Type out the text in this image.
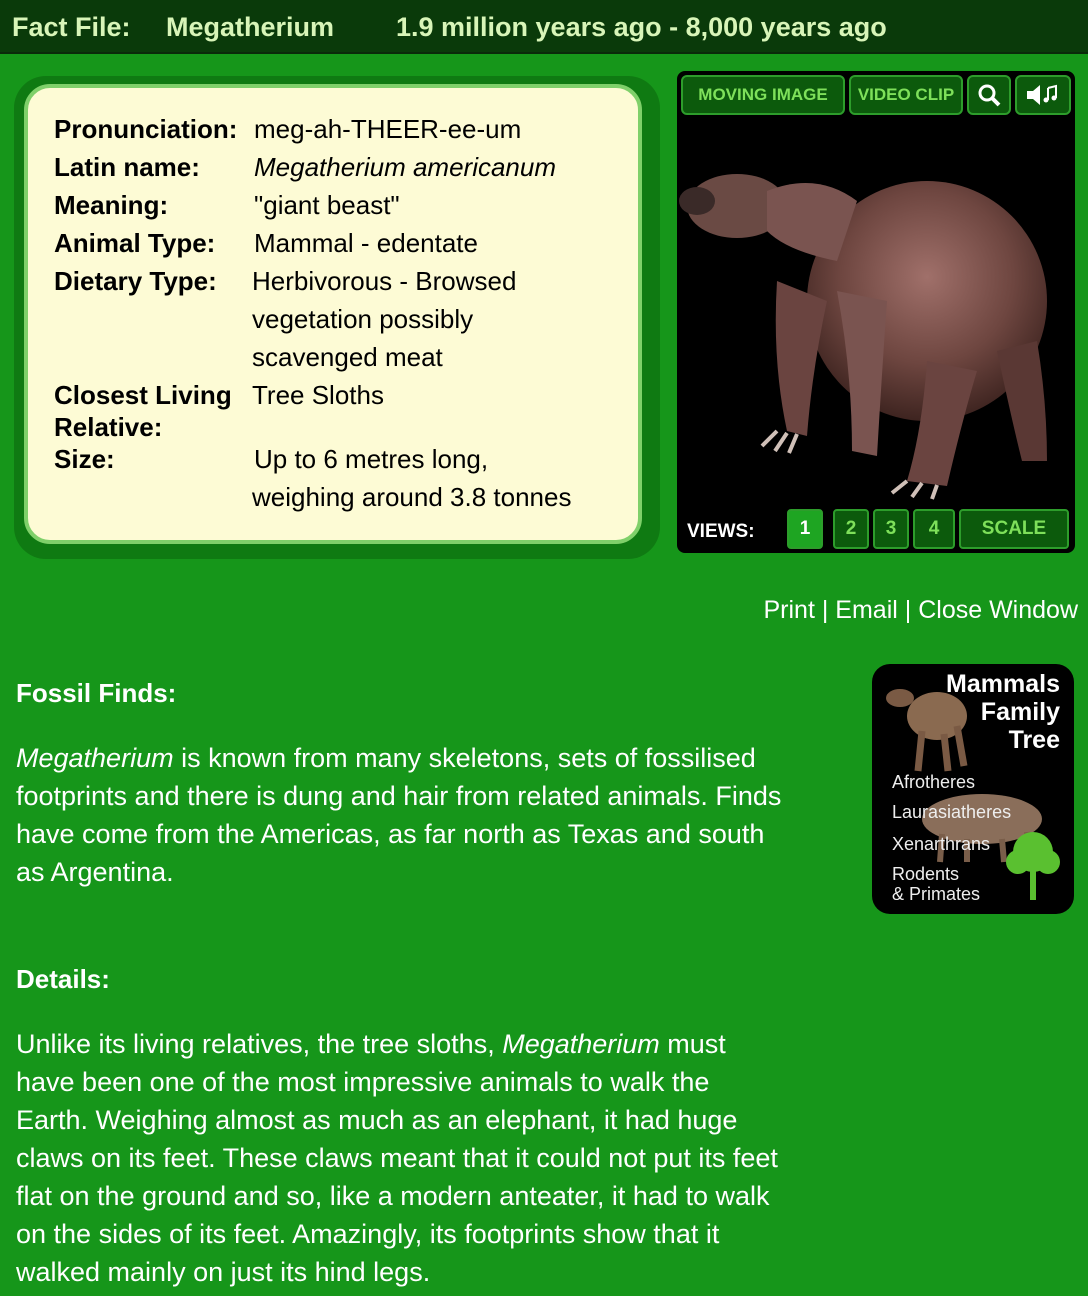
Fact File: Megatherium 1.9 million years ago - 8,000 years ago
Pronunciation: meg-ah-THEER-ee-um
Latin name: Megatherium americanum
Meaning:	"giant beast"
Animal Type: Mammal - edentate
Dietary Type: Herbivorous - Browsed
vegetation possibly
scavenged meat
Closest Living
Relative:
Tree Sloths
Size:	Up to 6 metres long,
weighing around 3.8 tonnes
MOVING IMAGE	VIDEO CLIP
VIEWS:	1	2	3	4	SCALE
Print | Email | Close Window
Fossil Finds:
Megatherium is known from many skeletons, sets of fossilised
footprints and there is dung and hair from related animals. Finds
have come from the Americas, as far north as Texas and south
as Argentina.
Mammals
Family
Tree
Afrotheres
Laurasiatheres
Xenarthrans
Rodents
& Primates
Details:
Unlike its living relatives, the tree sloths, Megatherium must
have been one of the most impressive animals to walk the
Earth. Weighing almost as much as an elephant, it had huge
claws on its feet. These claws meant that it could not put its feet
flat on the ground and so, like a modern anteater, it had to walk
on the sides of its feet. Amazingly, its footprints show that it
walked mainly on just its hind legs.
